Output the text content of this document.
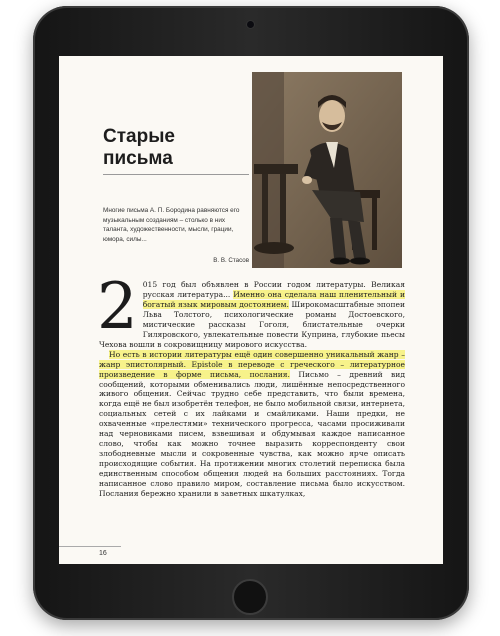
Старые
письма

Многие письма А. П. Бородина равняются его музыкальным созданиям – столько в них таланта, художественности, мысли, грации, юмора, силы...

В. В. Стасов

2 015 год был объявлен в России годом литературы. Великая русская литература... Именно она сделала наш пленительный и богатый язык мировым достоянием. Широкомасштабные эпопеи Льва Толстого, психологические романы Достоевского, мистические рассказы Гоголя, блистательные очерки Гиляровского, увлекательные повести Куприна, глубокие пьесы Чехова вошли в сокровищницу мирового искусства.

Но есть в истории литературы ещё один совершенно уникальный жанр – жанр эпистолярный. Epistole в переводе с греческого – литературное произведение в форме письма, послания. Письмо – древний вид сообщений, которыми обменивались люди, лишённые непосредственного живого общения. Сейчас трудно себе представить, что были времена, когда ещё не был изобретён телефон, не было мобильной связи, интернета, социальных сетей с их лайками и смайликами. Наши предки, не охваченные «прелестями» технического прогресса, часами просиживали над черновиками писем, взвешивая и обдумывая каждое написанное слово, чтобы как можно точнее выразить корреспонденту свои злободневные мысли и сокровенные чувства, как можно ярче описать происходящие события. На протяжении многих столетий переписка была единственным способом общения людей на больших расстояниях. Тогда написанное слово правило миром, составление письма было искусством. Послания бережно хранили в заветных шкатулках,

16
